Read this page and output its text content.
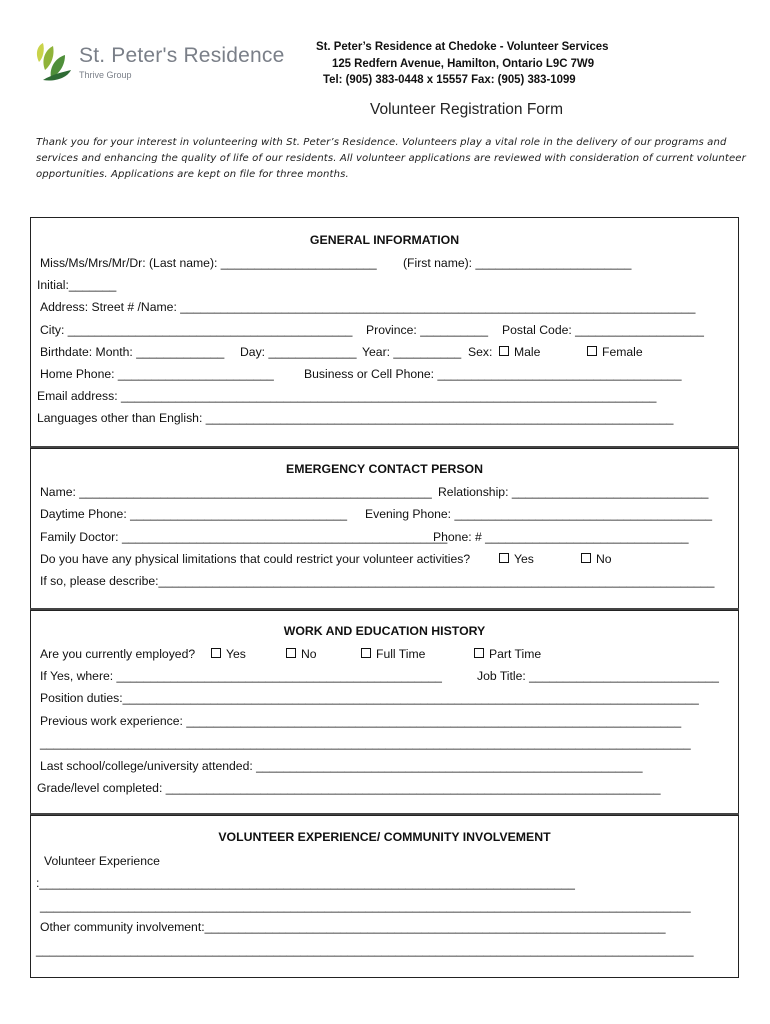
St. Peter's Residence
Thrive Group
St. Peter’s Residence at Chedoke - Volunteer Services
125 Redfern Avenue, Hamilton, Ontario L9C 7W9
Tel: (905) 383-0448 x 15557 Fax: (905) 383-1099
Volunteer Registration Form
Thank you for your interest in volunteering with St. Peter’s Residence. Volunteers play a vital role in the delivery of our programs and services and enhancing the quality of life of our residents. All volunteer applications are reviewed with consideration of current volunteer opportunities. Applications are kept on file for three months.
GENERAL INFORMATION
Miss/Ms/Mrs/Mr/Dr: (Last name): _______________________ (First name): _______________________
Initial:_______
Address: Street # /Name: ____________________________________________________________________________
City: __________________________________________ Province: __________ Postal Code: ___________________
Birthdate: Month: _____________ Day: _____________ Year: __________ Sex:	Male	Female
Home Phone: _______________________ Business or Cell Phone: ____________________________________
Email address: _______________________________________________________________________________
Languages other than English: _____________________________________________________________________
EMERGENCY CONTACT PERSON
Name: ____________________________________________________ Relationship: _____________________________
Daytime Phone: ________________________________ Evening Phone: ______________________________________
Family Doctor: ________________________________________________
Phone: # ______________________________
Do you have any physical limitations that could restrict your volunteer activities?	Yes	No
If so, please describe:__________________________________________________________________________________
WORK AND EDUCATION HISTORY
Are you currently employed?	Yes	No	Full Time	Part Time
If Yes, where: ________________________________________________	Job Title: ____________________________
Position duties:_____________________________________________________________________________________
Previous work experience: _________________________________________________________________________
________________________________________________________________________________________________
Last school/college/university attended: _________________________________________________________
Grade/level completed: _________________________________________________________________________
VOLUNTEER EXPERIENCE/ COMMUNITY INVOLVEMENT
Volunteer Experience
:_______________________________________________________________________________
________________________________________________________________________________________________
Other community involvement:____________________________________________________________________
_________________________________________________________________________________________________
